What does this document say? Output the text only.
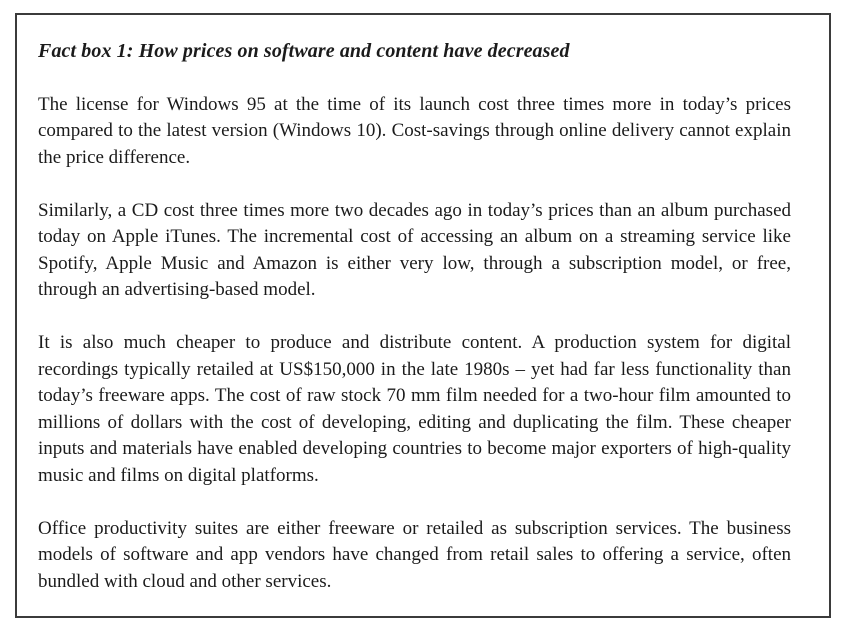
Fact box 1: How prices on software and content have decreased

The license for Windows 95 at the time of its launch cost three times more in today’s prices compared to the latest version (Windows 10). Cost-savings through online delivery cannot explain the price difference.

Similarly, a CD cost three times more two decades ago in today’s prices than an album purchased today on Apple iTunes. The incremental cost of accessing an album on a streaming service like Spotify, Apple Music and Amazon is either very low, through a subscription model, or free, through an advertising-based model.

It is also much cheaper to produce and distribute content. A production system for digital recordings typically retailed at US$150,000 in the late 1980s – yet had far less functionality than today’s freeware apps. The cost of raw stock 70 mm film needed for a two-hour film amounted to millions of dollars with the cost of developing, editing and duplicating the film. These cheaper inputs and materials have enabled developing countries to become major exporters of high-quality music and films on digital platforms.

Office productivity suites are either freeware or retailed as subscription services. The business models of software and app vendors have changed from retail sales to offering a service, often bundled with cloud and other services.
